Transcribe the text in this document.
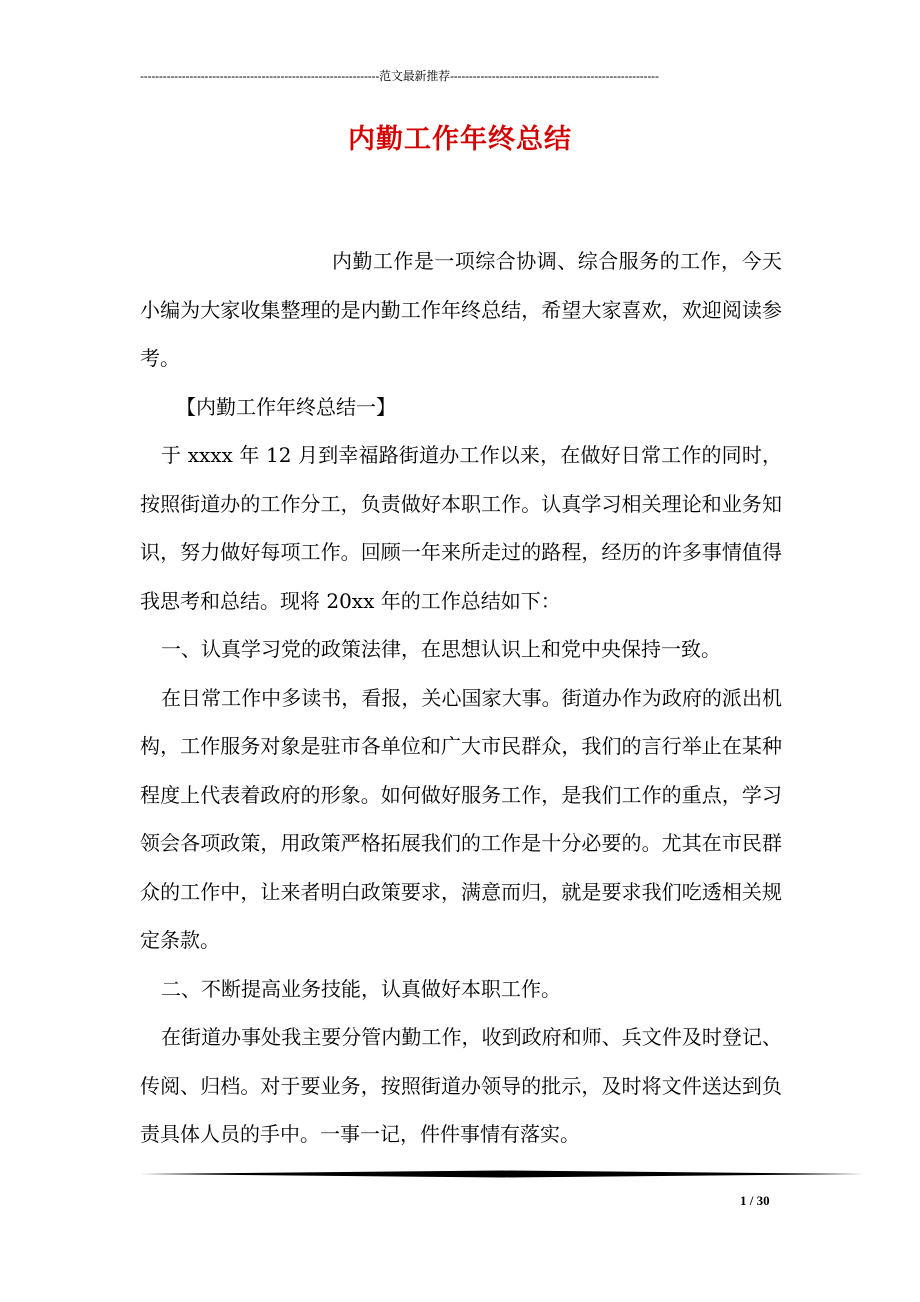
---------------------------------------------------------------范文最新推荐-------------------------------------------------------
内勤工作年终总结

内勤工作是一项综合协调、综合服务的工作，今天小编为大家收集整理的是内勤工作年终总结，希望大家喜欢，欢迎阅读参考。

【内勤工作年终总结一】

于 xxxx 年 12 月到幸福路街道办工作以来，在做好日常工作的同时，按照街道办的工作分工，负责做好本职工作。认真学习相关理论和业务知识，努力做好每项工作。回顾一年来所走过的路程，经历的许多事情值得我思考和总结。现将 20xx 年的工作总结如下：

一、认真学习党的政策法律，在思想认识上和党中央保持一致。

在日常工作中多读书，看报，关心国家大事。街道办作为政府的派出机构，工作服务对象是驻市各单位和广大市民群众，我们的言行举止在某种程度上代表着政府的形象。如何做好服务工作，是我们工作的重点，学习领会各项政策，用政策严格拓展我们的工作是十分必要的。尤其在市民群众的工作中，让来者明白政策要求，满意而归，就是要求我们吃透相关规定条款。

二、不断提高业务技能，认真做好本职工作。

在街道办事处我主要分管内勤工作，收到政府和师、兵文件及时登记、传阅、归档。对于要业务，按照街道办领导的批示，及时将文件送达到负责具体人员的手中。一事一记，件件事情有落实。

1 / 30
